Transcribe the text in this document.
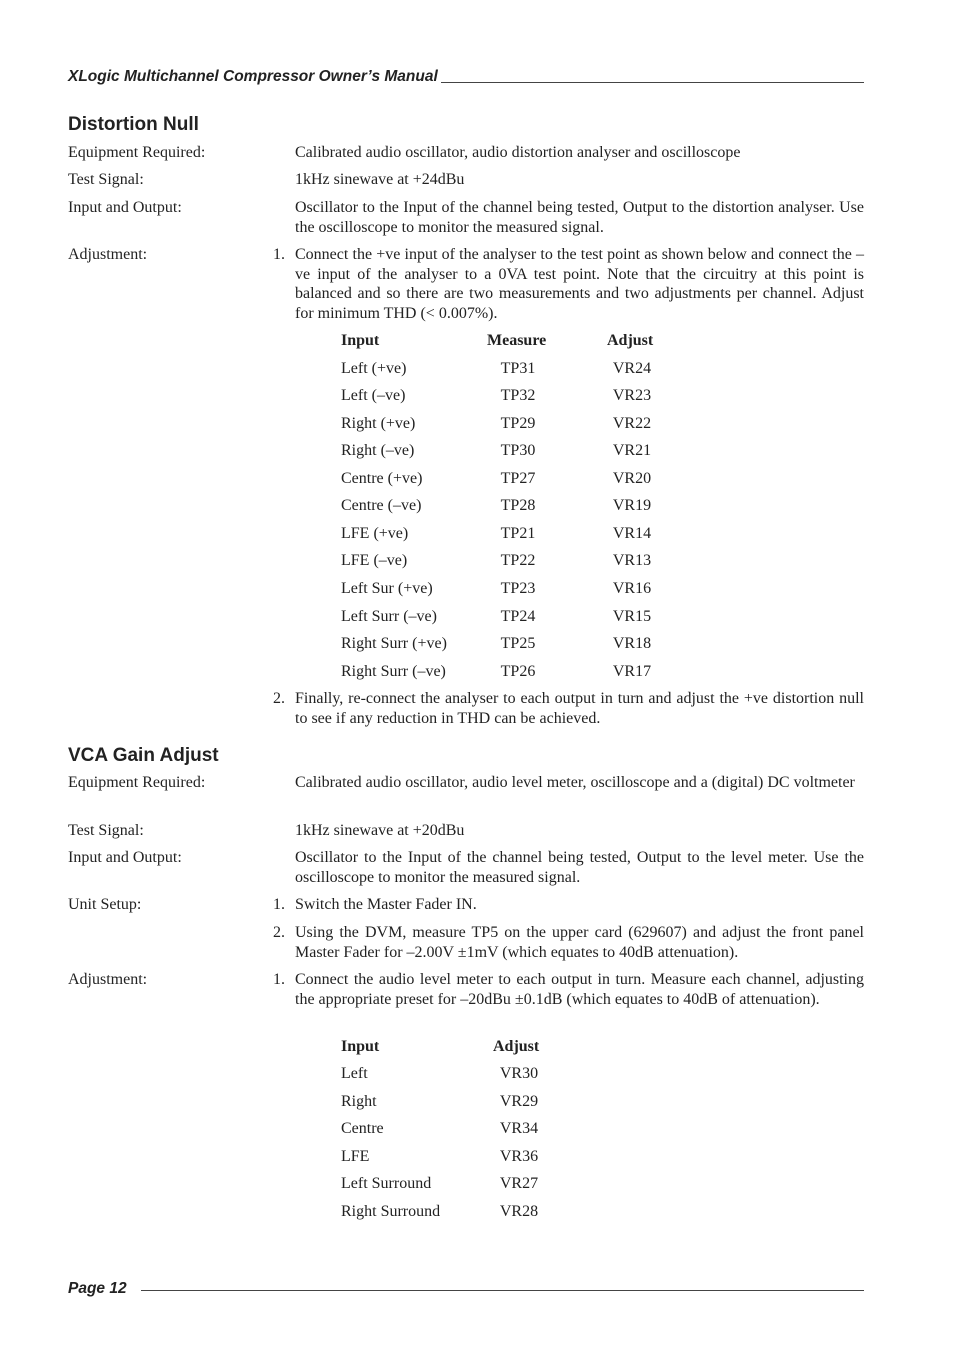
XLogic Multichannel Compressor Owner’s Manual
Distortion Null
Equipment Required:	Calibrated audio oscillator, audio distortion analyser and oscilloscope
Test Signal:	1kHz sinewave at +24dBu
Input and Output:	Oscillator to the Input of the channel being tested, Output to the distortion analyser. Use the oscilloscope to monitor the measured signal.
Adjustment:	1. Connect the +ve input of the analyser to the test point as shown below and connect the –ve input of the analyser to a 0VA test point. Note that the circuitry at this point is balanced and so there are two measurements and two adjustments per channel. Adjust for minimum THD (< 0.007%).
Input	Measure	Adjust
Left (+ve)	TP31	VR24
Left (–ve)	TP32	VR23
Right (+ve)	TP29	VR22
Right (–ve)	TP30	VR21
Centre (+ve)	TP27	VR20
Centre (–ve)	TP28	VR19
LFE (+ve)	TP21	VR14
LFE (–ve)	TP22	VR13
Left Sur (+ve)	TP23	VR16
Left Surr (–ve)	TP24	VR15
Right Surr (+ve)	TP25	VR18
Right Surr (–ve)	TP26	VR17
2. Finally, re-connect the analyser to each output in turn and adjust the +ve distortion null to see if any reduction in THD can be achieved.
VCA Gain Adjust
Equipment Required:	Calibrated audio oscillator, audio level meter, oscilloscope and a (digital) DC voltmeter
Test Signal:	1kHz sinewave at +20dBu
Input and Output:	Oscillator to the Input of the channel being tested, Output to the level meter. Use the oscilloscope to monitor the measured signal.
Unit Setup:	1. Switch the Master Fader IN.
2. Using the DVM, measure TP5 on the upper card (629607) and adjust the front panel Master Fader for –2.00V ±1mV (which equates to 40dB attenuation).
Adjustment:	1. Connect the audio level meter to each output in turn. Measure each channel, adjusting the appropriate preset for –20dBu ±0.1dB (which equates to 40dB of attenuation).
Input	Adjust
Left	VR30
Right	VR29
Centre	VR34
LFE	VR36
Left Surround	VR27
Right Surround	VR28
Page 12
